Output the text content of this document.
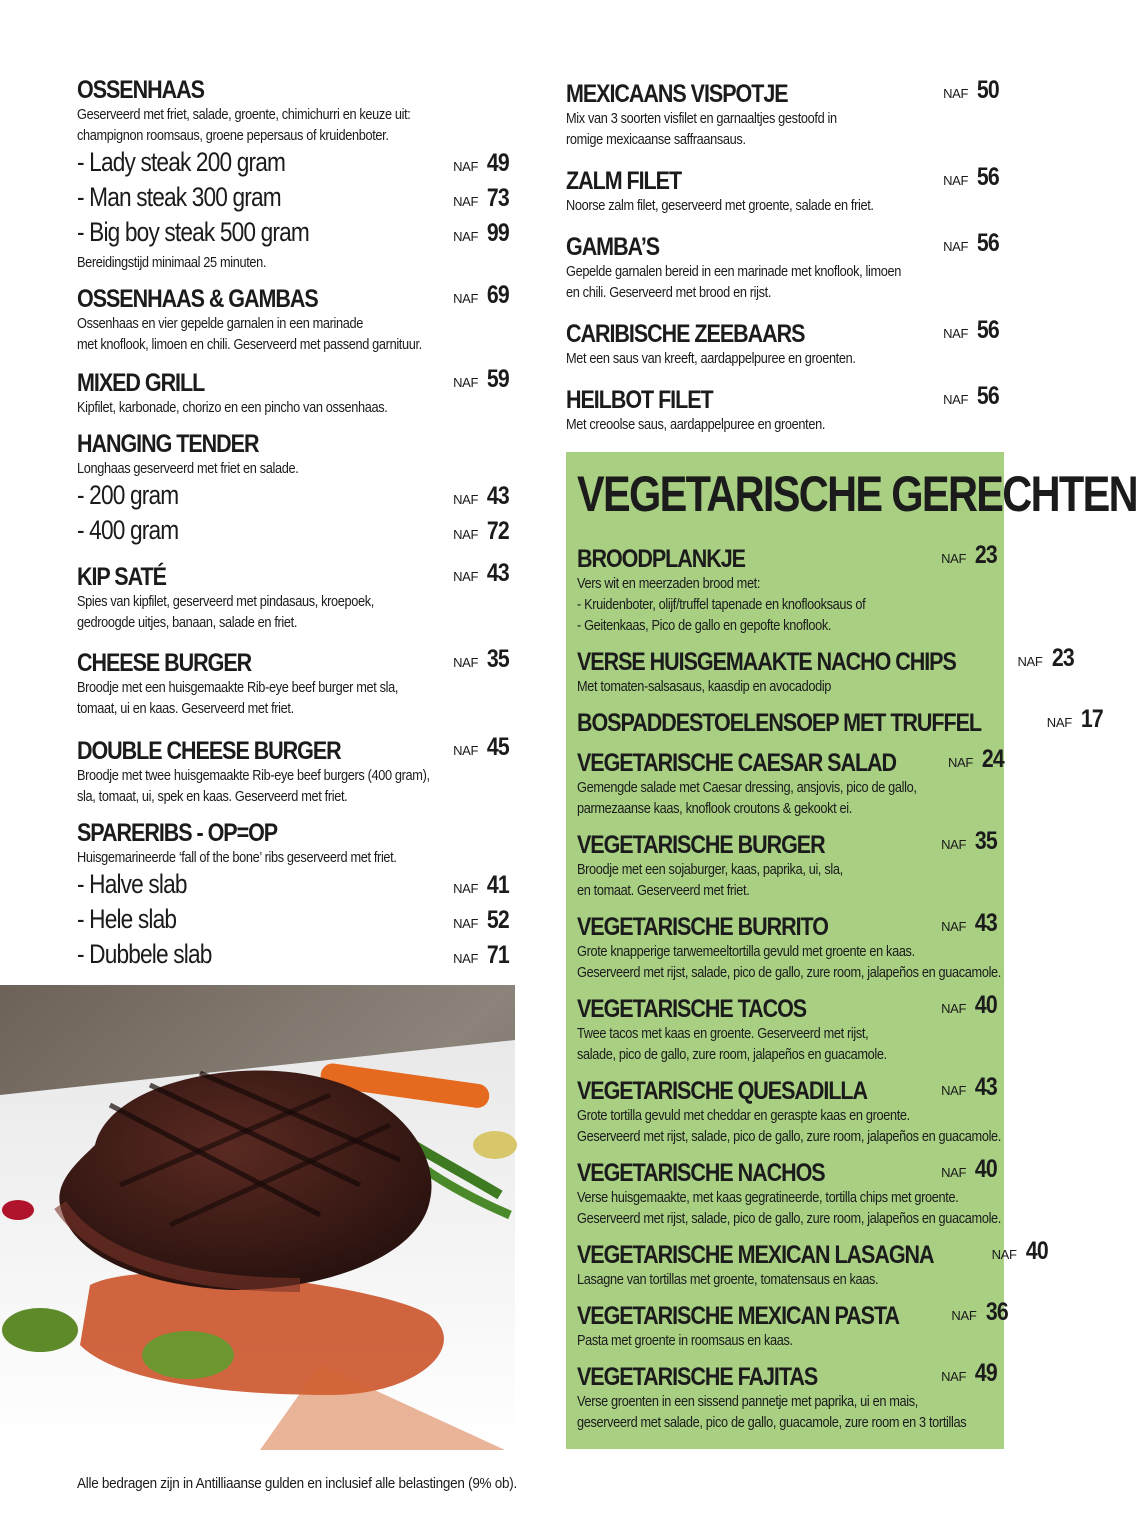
OSSENHAAS
Geserveerd met friet, salade, groente, chimichurri en keuze uit:
champignon roomsaus, groene pepersaus of kruidenboter.
- Lady steak 200 gram	NAF 49
- Man steak 300 gram	NAF 73
- Big boy steak 500 gram	NAF 99
Bereidingstijd minimaal 25 minuten.
OSSENHAAS & GAMBAS	NAF 69
Ossenhaas en vier gepelde garnalen in een marinade
met knoflook, limoen en chili. Geserveerd met passend garnituur.
MIXED GRILL	NAF 59
Kipfilet, karbonade, chorizo en een pincho van ossenhaas.
HANGING TENDER
Longhaas geserveerd met friet en salade.
- 200 gram	NAF 43
- 400 gram	NAF 72
KIP SATÉ	NAF 43
Spies van kipfilet, geserveerd met pindasaus, kroepoek,
gedroogde uitjes, banaan, salade en friet.
CHEESE BURGER	NAF 35
Broodje met een huisgemaakte Rib-eye beef burger met sla,
tomaat, ui en kaas. Geserveerd met friet.
DOUBLE CHEESE BURGER	NAF 45
Broodje met twee huisgemaakte Rib-eye beef burgers (400 gram),
sla, tomaat, ui, spek en kaas. Geserveerd met friet.
SPARERIBS - OP=OP
Huisgemarineerde ‘fall of the bone’ ribs geserveerd met friet.
- Halve slab	NAF 41
- Hele slab	NAF 52
- Dubbele slab	NAF 71
MEXICAANS VISPOTJE	NAF 50
Mix van 3 soorten visfilet en garnaaltjes gestoofd in
romige mexicaanse saffraansaus.
ZALM FILET	NAF 56
Noorse zalm filet, geserveerd met groente, salade en friet.
GAMBA’S	NAF 56
Gepelde garnalen bereid in een marinade met knoflook, limoen
en chili. Geserveerd met brood en rijst.
CARIBISCHE ZEEBAARS	NAF 56
Met een saus van kreeft, aardappelpuree en groenten.
HEILBOT FILET	NAF 56
Met creoolse saus, aardappelpuree en groenten.
VEGETARISCHE GERECHTEN
BROODPLANKJE	NAF 23
Vers wit en meerzaden brood met:
- Kruidenboter, olijf/truffel tapenade en knoflooksaus of
- Geitenkaas, Pico de gallo en gepofte knoflook.
VERSE HUISGEMAAKTE NACHO CHIPS	NAF 23
Met tomaten-salsasaus, kaasdip en avocadodip
BOSPADDESTOELENSOEP MET TRUFFEL	NAF 17
VEGETARISCHE CAESAR SALAD	NAF 24
Gemengde salade met Caesar dressing, ansjovis, pico de gallo,
parmezaanse kaas, knoflook croutons & gekookt ei.
VEGETARISCHE BURGER	NAF 35
Broodje met een sojaburger, kaas, paprika, ui, sla,
en tomaat. Geserveerd met friet.
VEGETARISCHE BURRITO	NAF 43
Grote knapperige tarwemeeltortilla gevuld met groente en kaas.
Geserveerd met rijst, salade, pico de gallo, zure room, jalapeños en guacamole.
VEGETARISCHE TACOS	NAF 40
Twee tacos met kaas en groente. Geserveerd met rijst,
salade, pico de gallo, zure room, jalapeños en guacamole.
VEGETARISCHE QUESADILLA	NAF 43
Grote tortilla gevuld met cheddar en geraspte kaas en groente.
Geserveerd met rijst, salade, pico de gallo, zure room, jalapeños en guacamole.
VEGETARISCHE NACHOS	NAF 40
Verse huisgemaakte, met kaas gegratineerde, tortilla chips met groente.
Geserveerd met rijst, salade, pico de gallo, zure room, jalapeños en guacamole.
VEGETARISCHE MEXICAN LASAGNA	NAF 40
Lasagne van tortillas met groente, tomatensaus en kaas.
VEGETARISCHE MEXICAN PASTA	NAF 36
Pasta met groente in roomsaus en kaas.
VEGETARISCHE FAJITAS	NAF 49
Verse groenten in een sissend pannetje met paprika, ui en mais,
geserveerd met salade, pico de gallo, guacamole, zure room en 3 tortillas
Alle bedragen zijn in Antilliaanse gulden en inclusief alle belastingen (9% ob).
